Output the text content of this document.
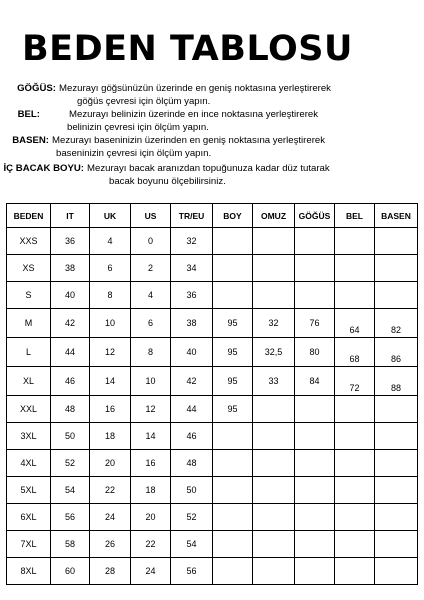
BEDEN TABLOSU
GÖĞÜS: Mezurayı göğsünüzün üzerinde en geniş noktasına yerleştirerek
göğüs çevresi için ölçüm yapın.
BEL:	Mezurayı belinizin üzerinde en ince noktasına yerleştirerek
belinizin çevresi için ölçüm yapın.
BASEN: Mezurayı baseninizin üzerinden en geniş noktasına yerleştirerek
baseninizin çevresi için ölçüm yapın.
İÇ BACAK BOYU: Mezurayı bacak aranızdan topuğunuza kadar düz tutarak
bacak boyunu ölçebilirsiniz.
BEDEN	IT	UK	US	TR/EU	BOY	OMUZ	GÖĞÜS	BEL	BASEN
XXS	36	4	0	32					
XS	38	6	2	34					
S	40	8	4	36					
M	42	10	6	38	95	32	76	64	82
L	44	12	8	40	95	32,5	80	68	86
XL	46	14	10	42	95	33	84	72	88
XXL	48	16	12	44	95				
3XL	50	18	14	46					
4XL	52	20	16	48					
5XL	54	22	18	50					
6XL	56	24	20	52					
7XL	58	26	22	54					
8XL	60	28	24	56					
